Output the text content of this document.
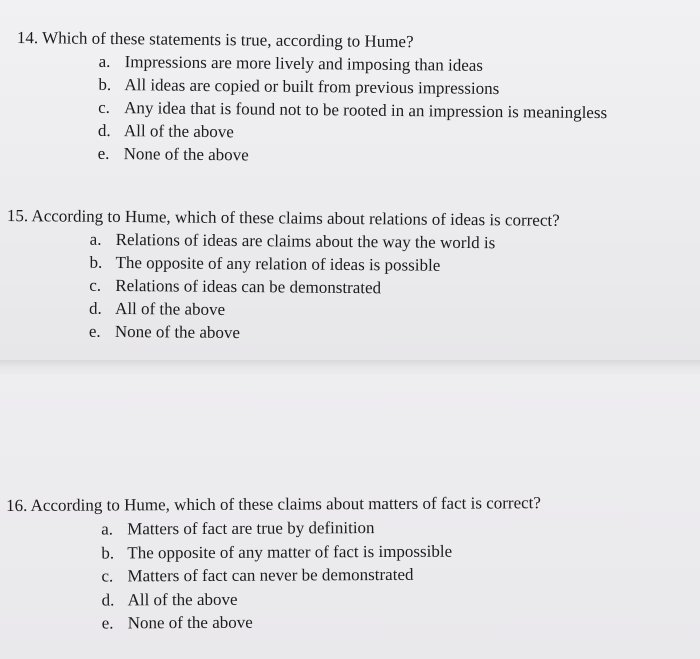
14. Which of these statements is true, according to Hume?

a. Impressions are more lively and imposing than ideas
b. All ideas are copied or built from previous impressions
c. Any idea that is found not to be rooted in an impression is meaningless
d. All of the above
e. None of the above

15. According to Hume, which of these claims about relations of ideas is correct?

a. Relations of ideas are claims about the way the world is
b. The opposite of any relation of ideas is possible
c. Relations of ideas can be demonstrated
d. All of the above
e. None of the above

16. According to Hume, which of these claims about matters of fact is correct?

a. Matters of fact are true by definition
b. The opposite of any matter of fact is impossible
c. Matters of fact can never be demonstrated
d. All of the above
e. None of the above
